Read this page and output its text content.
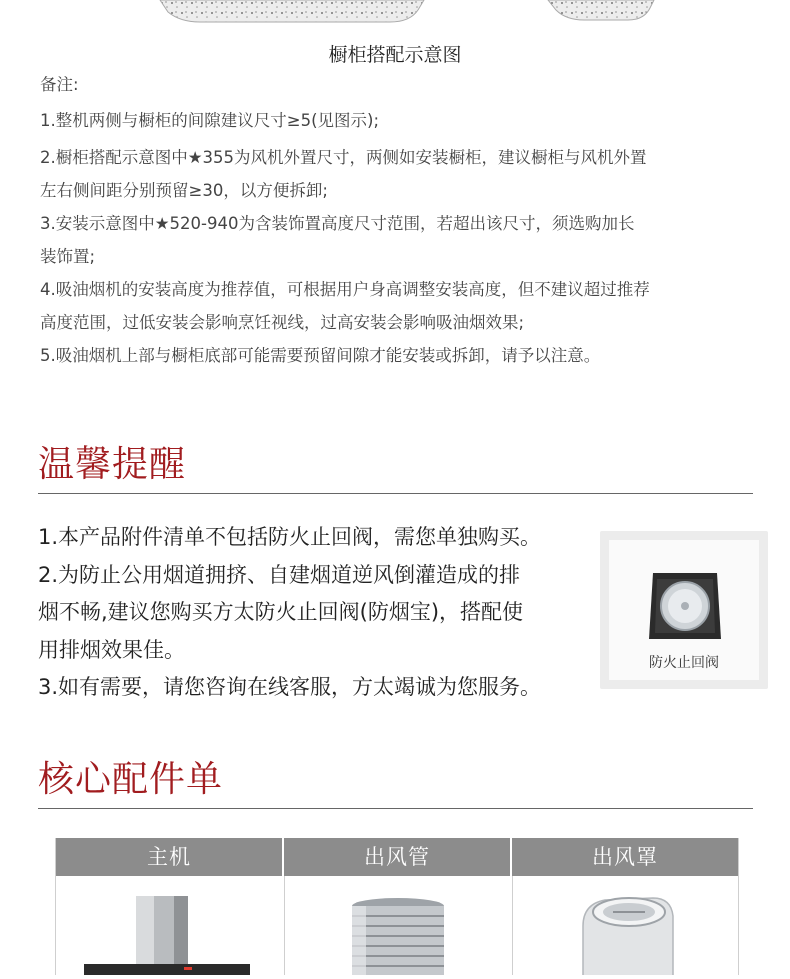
橱柜搭配示意图
备注:
1.整机两侧与橱柜的间隙建议尺寸≥5(见图示);
2.橱柜搭配示意图中★355为风机外置尺寸，两侧如安装橱柜，建议橱柜与风机外置
左右侧间距分别预留≥30，以方便拆卸;
3.安装示意图中★520-940为含装饰置高度尺寸范围，若超出该尺寸，须选购加长
装饰置;
4.吸油烟机的安装高度为推荐值，可根据用户身高调整安装高度，但不建议超过推荐
高度范围，过低安装会影响烹饪视线，过高安装会影响吸油烟效果;
5.吸油烟机上部与橱柜底部可能需要预留间隙才能安装或拆卸，请予以注意。
温馨提醒
1.本产品附件清单不包括防火止回阀，需您单独购买。
2.为防止公用烟道拥挤、自建烟道逆风倒灌造成的排
烟不畅,建议您购买方太防火止回阀(防烟宝)，搭配使
用排烟效果佳。
3.如有需要，请您咨询在线客服，方太竭诚为您服务。
防火止回阀
核心配件单
主机	出风管	出风罩
